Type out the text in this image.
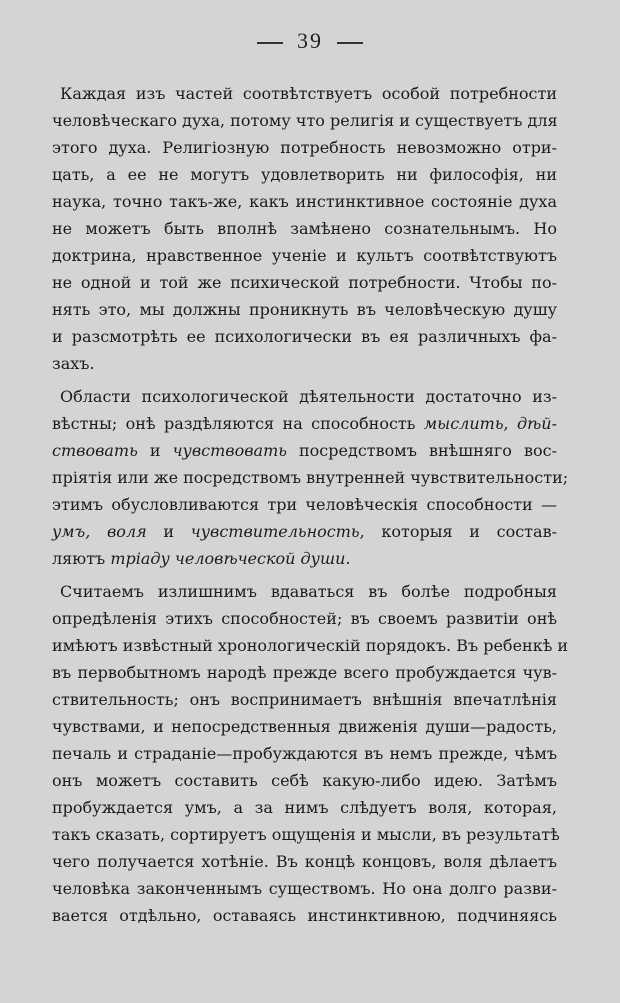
39
Каждая изъ частей соотвѣтствуетъ особой потребности
человѣческаго духа, потому что религія и существуетъ для
этого духа. Религіозную потребность невозможно отри-
цать, а ее не могутъ удовлетворить ни философія, ни
наука, точно такъ-же, какъ инстинктивное состояніе духа
не можетъ быть вполнѣ замѣнено сознательнымъ. Но
доктрина, нравственное ученіе и культъ соотвѣтствуютъ
не одной и той же психической потребности. Чтобы по-
нять это, мы должны проникнуть въ человѣческую душу
и разсмотрѣть ее психологически въ ея различныхъ фа-
захъ.
Области психологической дѣятельности достаточно из-
вѣстны; онѣ раздѣляются на способность мыслить, дѣй-
ствовать и чувствовать посредствомъ внѣшняго вос-
пріятія или же посредствомъ внутренней чувствительности;
этимъ обусловливаются три человѣческія способности —
умъ, воля и чувствительность, которыя и состав-
ляютъ тріаду человѣческой души.
Считаемъ излишнимъ вдаваться въ болѣе подробныя
опредѣленія этихъ способностей; въ своемъ развитіи онѣ
имѣютъ извѣстный хронологическій порядокъ. Въ ребенкѣ и
въ первобытномъ народѣ прежде всего пробуждается чув-
ствительность; онъ воспринимаетъ внѣшнія впечатлѣнія
чувствами, и непосредственныя движенія души—радость,
печаль и страданіе—пробуждаются въ немъ прежде, чѣмъ
онъ можетъ составить себѣ какую-либо идею. Затѣмъ
пробуждается умъ, а за нимъ слѣдуетъ воля, которая,
такъ сказать, сортируетъ ощущенія и мысли, въ результатѣ
чего получается хотѣніе. Въ концѣ концовъ, воля дѣлаетъ
человѣка законченнымъ существомъ. Но она долго разви-
вается отдѣльно, оставаясь инстинктивною, подчиняясь
